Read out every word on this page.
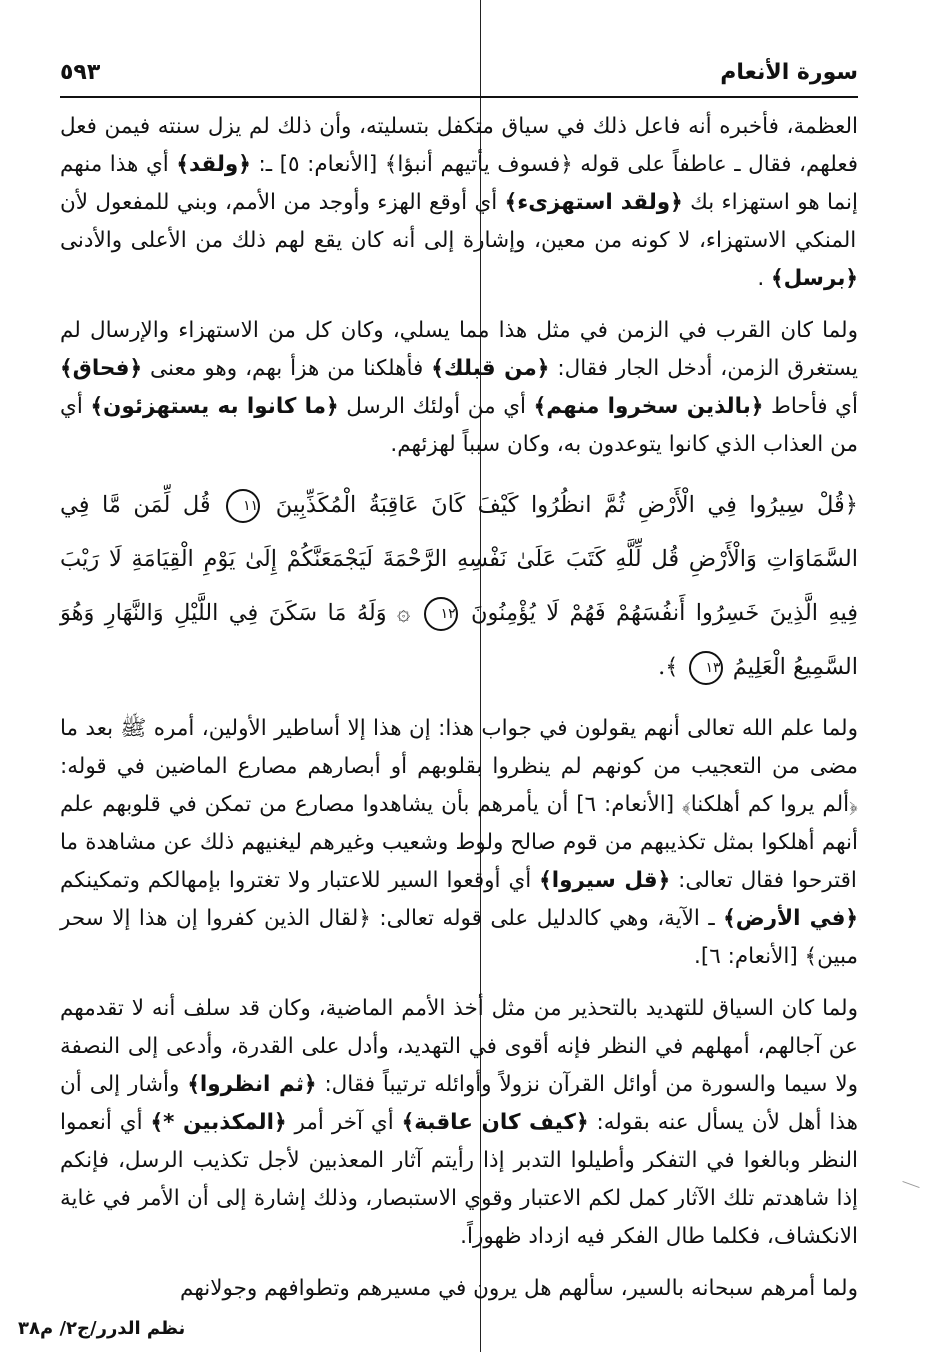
سورة الأنعام
٥٩٣

العظمة، فأخبره أنه فاعل ذلك في سياق متكفل بتسليته، وأن ذلك لم يزل سنته فيمن فعل فعلهم، فقال ـ عاطفاً على قوله ﴿فسوف يأتيهم أنبؤا﴾ [الأنعام: ٥] ـ: ﴿ولقد﴾ أي هذا منهم إنما هو استهزاء بك ﴿ولقد استهزىء﴾ أي أوقع الهزء وأوجد من الأمم، وبني للمفعول لأن المنكي الاستهزاء، لا كونه من معين، وإشارة إلى أنه كان يقع لهم ذلك من الأعلى والأدنى ﴿برسل﴾ .

ولما كان القرب في الزمن في مثل هذا مما يسلي، وكان كل من الاستهزاء والإرسال لم يستغرق الزمن، أدخل الجار فقال: ﴿من قبلك﴾ فأهلكنا من هزأ بهم، وهو معنى ﴿فحاق﴾ أي فأحاط ﴿بالذين سخروا منهم﴾ أي من أولئك الرسل ﴿ما كانوا به يستهزئون﴾ أي من العذاب الذي كانوا يتوعدون به، وكان سبباً لهزئهم.

﴿قُلْ سِيرُوا فِي الْأَرْضِ ثُمَّ انظُرُوا كَيْفَ كَانَ عَاقِبَةُ الْمُكَذِّبِينَ ١١ قُل لِّمَن مَّا فِي السَّمَاوَاتِ وَالْأَرْضِ قُل لِّلَّهِ كَتَبَ عَلَىٰ نَفْسِهِ الرَّحْمَةَ لَيَجْمَعَنَّكُمْ إِلَىٰ يَوْمِ الْقِيَامَةِ لَا رَيْبَ فِيهِ الَّذِينَ خَسِرُوا أَنفُسَهُمْ فَهُمْ لَا يُؤْمِنُونَ ١٢ ۞ وَلَهُ مَا سَكَنَ فِي اللَّيْلِ وَالنَّهَارِ وَهُوَ السَّمِيعُ الْعَلِيمُ ١٣ ﴾.

ولما علم الله تعالى أنهم يقولون في جواب هذا: إن هذا إلا أساطير الأولين، أمره ﷺ بعد ما مضى من التعجيب من كونهم لم ينظروا بقلوبهم أو أبصارهم مصارع الماضين في قوله: ﴿ألم يروا كم أهلكنا﴾ [الأنعام: ٦] أن يأمرهم بأن يشاهدوا مصارع من تمكن في قلوبهم علم أنهم أهلكوا بمثل تكذيبهم من قوم صالح ولوط وشعيب وغيرهم ليغنيهم ذلك عن مشاهدة ما اقترحوا فقال تعالى: ﴿قل سيروا﴾ أي أوقعوا السير للاعتبار ولا تغتروا بإمهالكم وتمكينكم ﴿في الأرض﴾ ـ الآية، وهي كالدليل على قوله تعالى: ﴿لقال الذين كفروا إن هذا إلا سحر مبين﴾ [الأنعام: ٦].

ولما كان السياق للتهديد بالتحذير من مثل أخذ الأمم الماضية، وكان قد سلف أنه لا تقدمهم عن آجالهم، أمهلهم في النظر فإنه أقوى في التهديد، وأدل على القدرة، وأدعى إلى النصفة ولا سيما والسورة من أوائل القرآن نزولاً وأوائله ترتيباً فقال: ﴿ثم انظروا﴾ وأشار إلى أن هذا أهل لأن يسأل عنه بقوله: ﴿كيف كان عاقبة﴾ أي آخر أمر ﴿المكذبين *﴾ أي أنعموا النظر وبالغوا في التفكر وأطيلوا التدبر إذا رأيتم آثار المعذبين لأجل تكذيب الرسل، فإنكم إذا شاهدتم تلك الآثار كمل لكم الاعتبار وقوي الاستبصار، وذلك إشارة إلى أن الأمر في غاية الانكشاف، فكلما طال الفكر فيه ازداد ظهوراً.

ولما أمرهم سبحانه بالسير، سألهم هل يرون في مسيرهم وتطوافهم وجولانهم

نظم الدرر/ج٢/ م٣٨
